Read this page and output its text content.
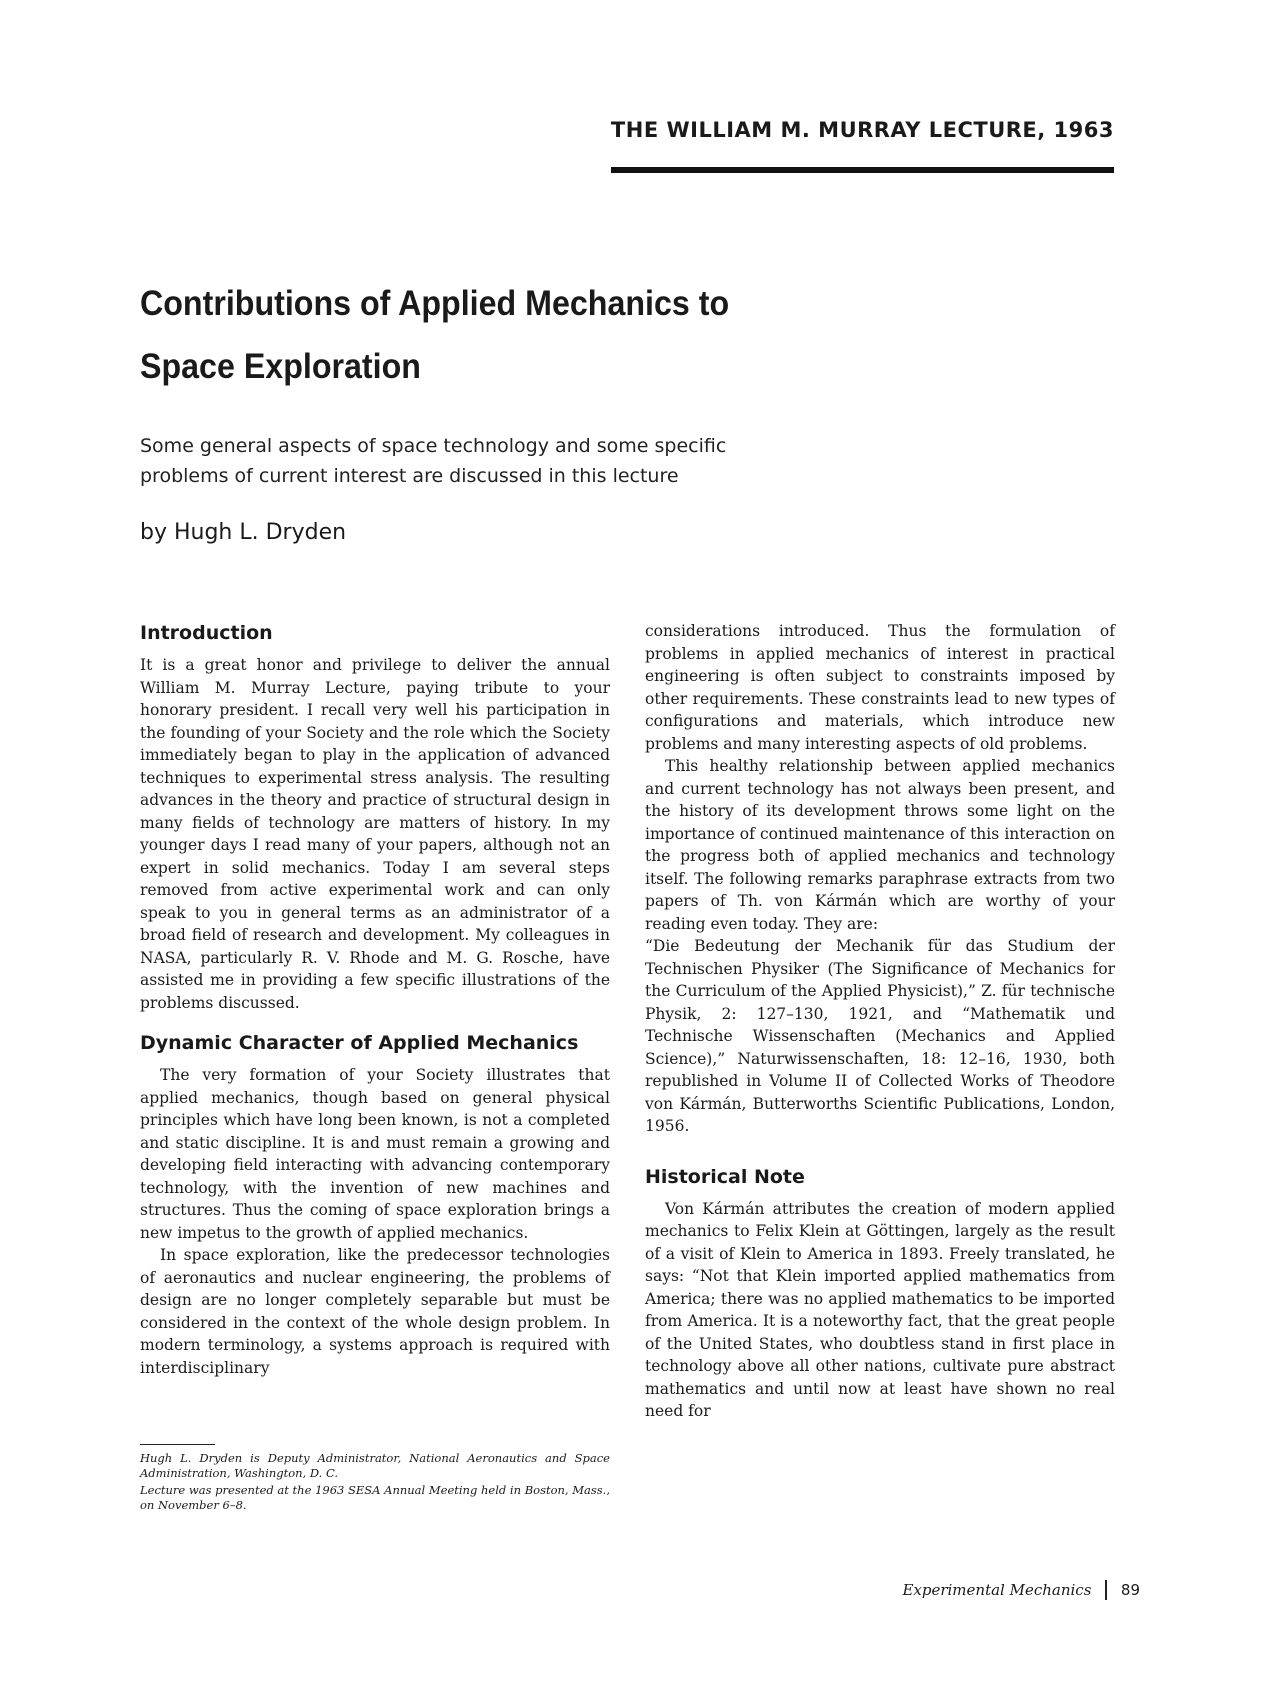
THE WILLIAM M. MURRAY LECTURE, 1963
Contributions of Applied Mechanics to
Space Exploration

Some general aspects of space technology and some specific
problems of current interest are discussed in this lecture

by Hugh L. Dryden

Introduction

It is a great honor and privilege to deliver the annual William M. Murray Lecture, paying tribute to your honorary president. I recall very well his participation in the founding of your Society and the role which the Society immediately began to play in the application of advanced techniques to experimental stress analysis. The resulting advances in the theory and practice of structural design in many fields of technology are matters of history. In my younger days I read many of your papers, although not an expert in solid mechanics. Today I am several steps removed from active experimental work and can only speak to you in general terms as an administrator of a broad field of research and development. My colleagues in NASA, particularly R. V. Rhode and M. G. Rosche, have assisted me in providing a few specific illustrations of the problems discussed.

Dynamic Character of Applied Mechanics

The very formation of your Society illustrates that applied mechanics, though based on general physical principles which have long been known, is not a completed and static discipline. It is and must remain a growing and developing field interacting with advancing contemporary technology, with the invention of new machines and structures. Thus the coming of space exploration brings a new impetus to the growth of applied mechanics.

In space exploration, like the predecessor technologies of aeronautics and nuclear engineering, the problems of design are no longer completely separable but must be considered in the context of the whole design problem. In modern terminology, a systems approach is required with interdisciplinary

considerations introduced. Thus the formulation of problems in applied mechanics of interest in practical engineering is often subject to constraints imposed by other requirements. These constraints lead to new types of configurations and materials, which introduce new problems and many interesting aspects of old problems.

This healthy relationship between applied mechanics and current technology has not always been present, and the history of its development throws some light on the importance of continued maintenance of this interaction on the progress both of applied mechanics and technology itself. The following remarks paraphrase extracts from two papers of Th. von Kármán which are worthy of your reading even today. They are:

“Die Bedeutung der Mechanik für das Studium der Technischen Physiker (The Significance of Mechanics for the Curriculum of the Applied Physicist),” Z. für technische Physik, 2: 127–130, 1921, and “Mathematik und Technische Wissenschaften (Mechanics and Applied Science),” Naturwissenschaften, 18: 12–16, 1930, both republished in Volume II of Collected Works of Theodore von Kármán, Butterworths Scientific Publications, London, 1956.

Historical Note

Von Kármán attributes the creation of modern applied mechanics to Felix Klein at Göttingen, largely as the result of a visit of Klein to America in 1893. Freely translated, he says: “Not that Klein imported applied mathematics from America; there was no applied mathematics to be imported from America. It is a noteworthy fact, that the great people of the United States, who doubtless stand in first place in technology above all other nations, cultivate pure abstract mathematics and until now at least have shown no real need for

Hugh L. Dryden is Deputy Administrator, National Aeronautics and Space Administration, Washington, D. C.

Lecture was presented at the 1963 SESA Annual Meeting held in Boston, Mass., on November 6–8.

Experimental Mechanics 89
